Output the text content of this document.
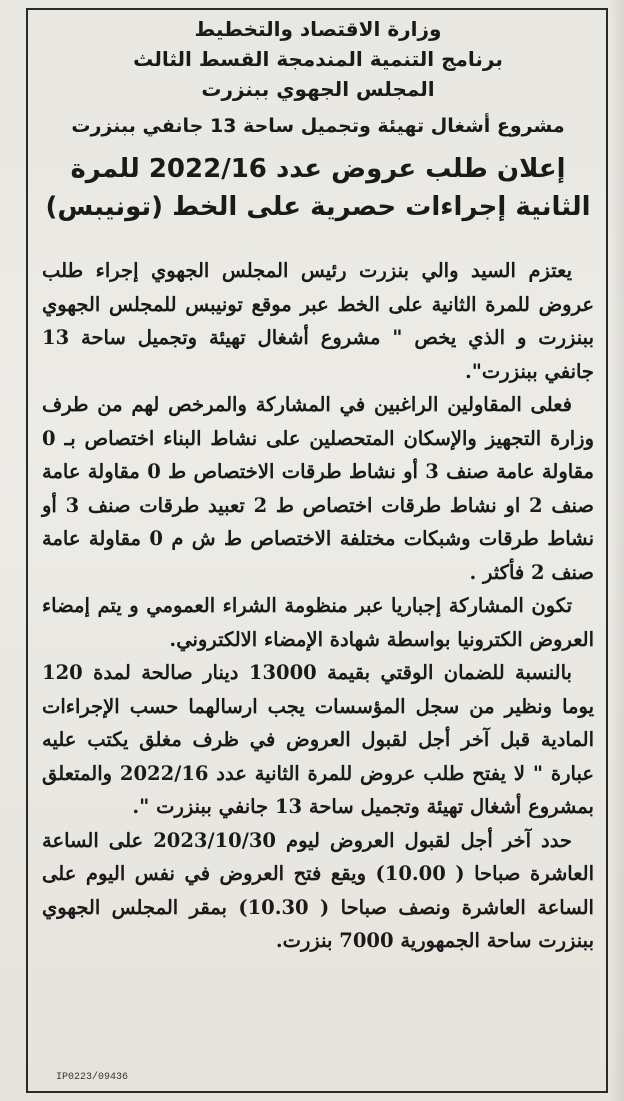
وزارة الاقتصاد والتخطيط
برنامج التنمية المندمجة القسط الثالث
المجلس الجهوي ببنزرت
مشروع أشغال تهيئة وتجميل ساحة 13 جانفي ببنزرت
إعلان طلب عروض عدد 2022/16 للمرة الثانية إجراءات حصرية على الخط (تونيبس)

يعتزم السيد والي بنزرت رئيس المجلس الجهوي إجراء طلب عروض للمرة الثانية على الخط عبر موقع تونيبس للمجلس الجهوي ببنزرت و الذي يخص " مشروع أشغال تهيئة وتجميل ساحة 13 جانفي ببنزرت".

فعلى المقاولين الراغبين في المشاركة والمرخص لهم من طرف وزارة التجهيز والإسكان المتحصلين على نشاط البناء اختصاص بـ 0 مقاولة عامة صنف 3 أو نشاط طرقات الاختصاص ط 0 مقاولة عامة صنف 2 او نشاط طرقات اختصاص ط 2 تعبيد طرقات صنف 3 أو نشاط طرقات وشبكات مختلفة الاختصاص ط ش م 0 مقاولة عامة صنف 2 فأكثر .

تكون المشاركة إجباريا عبر منظومة الشراء العمومي و يتم إمضاء العروض الكترونيا بواسطة شهادة الإمضاء الالكتروني.

بالنسبة للضمان الوقتي بقيمة 13000 دينار صالحة لمدة 120 يوما ونظير من سجل المؤسسات يجب ارسالهما حسب الإجراءات المادية قبل آخر أجل لقبول العروض في ظرف مغلق يكتب عليه عبارة " لا يفتح طلب عروض للمرة الثانية عدد 2022/16 والمتعلق بمشروع أشغال تهيئة وتجميل ساحة 13 جانفي ببنزرت ".

حدد آخر أجل لقبول العروض ليوم 2023/10/30 على الساعة العاشرة صباحا ( 10.00) ويقع فتح العروض في نفس اليوم على الساعة العاشرة ونصف صباحا ( 10.30) بمقر المجلس الجهوي ببنزرت ساحة الجمهورية 7000 بنزرت.

IP0223/09436
